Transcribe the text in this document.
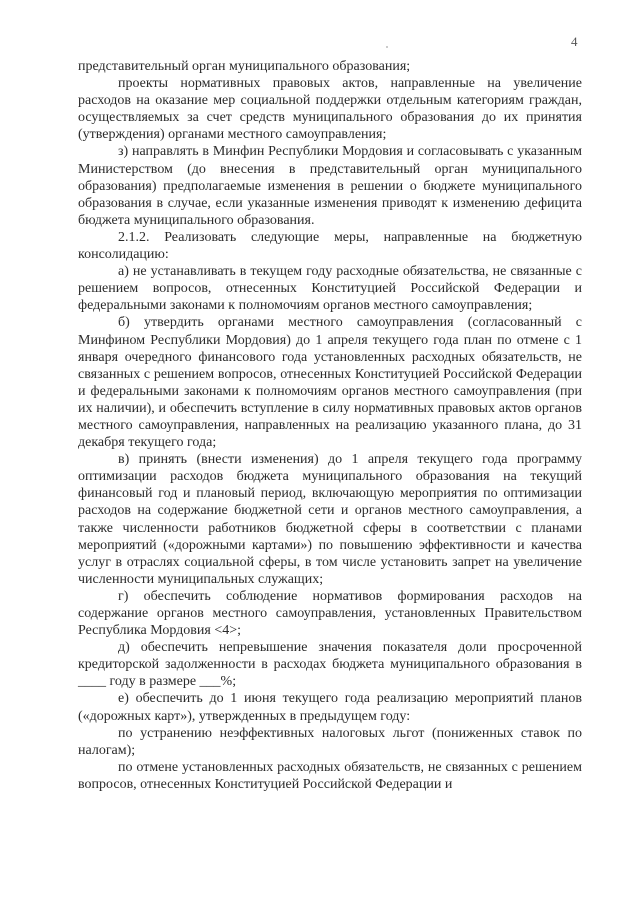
4

представительный орган муниципального образования;

проекты нормативных правовых актов, направленные на увеличение расходов на оказание мер социальной поддержки отдельным категориям граждан, осуществляемых за счет средств муниципального образования до их принятия (утверждения) органами местного самоуправления;

з) направлять в Минфин Республики Мордовия и согласовывать с указанным Министерством (до внесения в представительный орган муниципального образования) предполагаемые изменения в решении о бюджете муниципального образования в случае, если указанные изменения приводят к изменению дефицита бюджета муниципального образования.

2.1.2. Реализовать следующие меры, направленные на бюджетную консолидацию:

а) не устанавливать в текущем году расходные обязательства, не связанные с решением вопросов, отнесенных Конституцией Российской Федерации и федеральными законами к полномочиям органов местного самоуправления;

б) утвердить органами местного самоуправления (согласованный с Минфином Республики Мордовия) до 1 апреля текущего года план по отмене с 1 января очередного финансового года установленных расходных обязательств, не связанных с решением вопросов, отнесенных Конституцией Российской Федерации и федеральными законами к полномочиям органов местного самоуправления (при их наличии), и обеспечить вступление в силу нормативных правовых актов органов местного самоуправления, направленных на реализацию указанного плана, до 31 декабря текущего года;

в) принять (внести изменения) до 1 апреля текущего года программу оптимизации расходов бюджета муниципального образования на текущий финансовый год и плановый период, включающую мероприятия по оптимизации расходов на содержание бюджетной сети и органов местного самоуправления, а также численности работников бюджетной сферы в соответствии с планами мероприятий («дорожными картами») по повышению эффективности и качества услуг в отраслях социальной сферы, в том числе установить запрет на увеличение численности муниципальных служащих;

г) обеспечить соблюдение нормативов формирования расходов на содержание органов местного самоуправления, установленных Правительством Республика Мордовия <4>;

д) обеспечить непревышение значения показателя доли просроченной кредиторской задолженности в расходах бюджета муниципального образования в ____ году в размере ___%;

е) обеспечить до 1 июня текущего года реализацию мероприятий планов («дорожных карт»), утвержденных в предыдущем году:

по устранению неэффективных налоговых льгот (пониженных ставок по налогам);

по отмене установленных расходных обязательств, не связанных с решением вопросов, отнесенных Конституцией Российской Федерации и
